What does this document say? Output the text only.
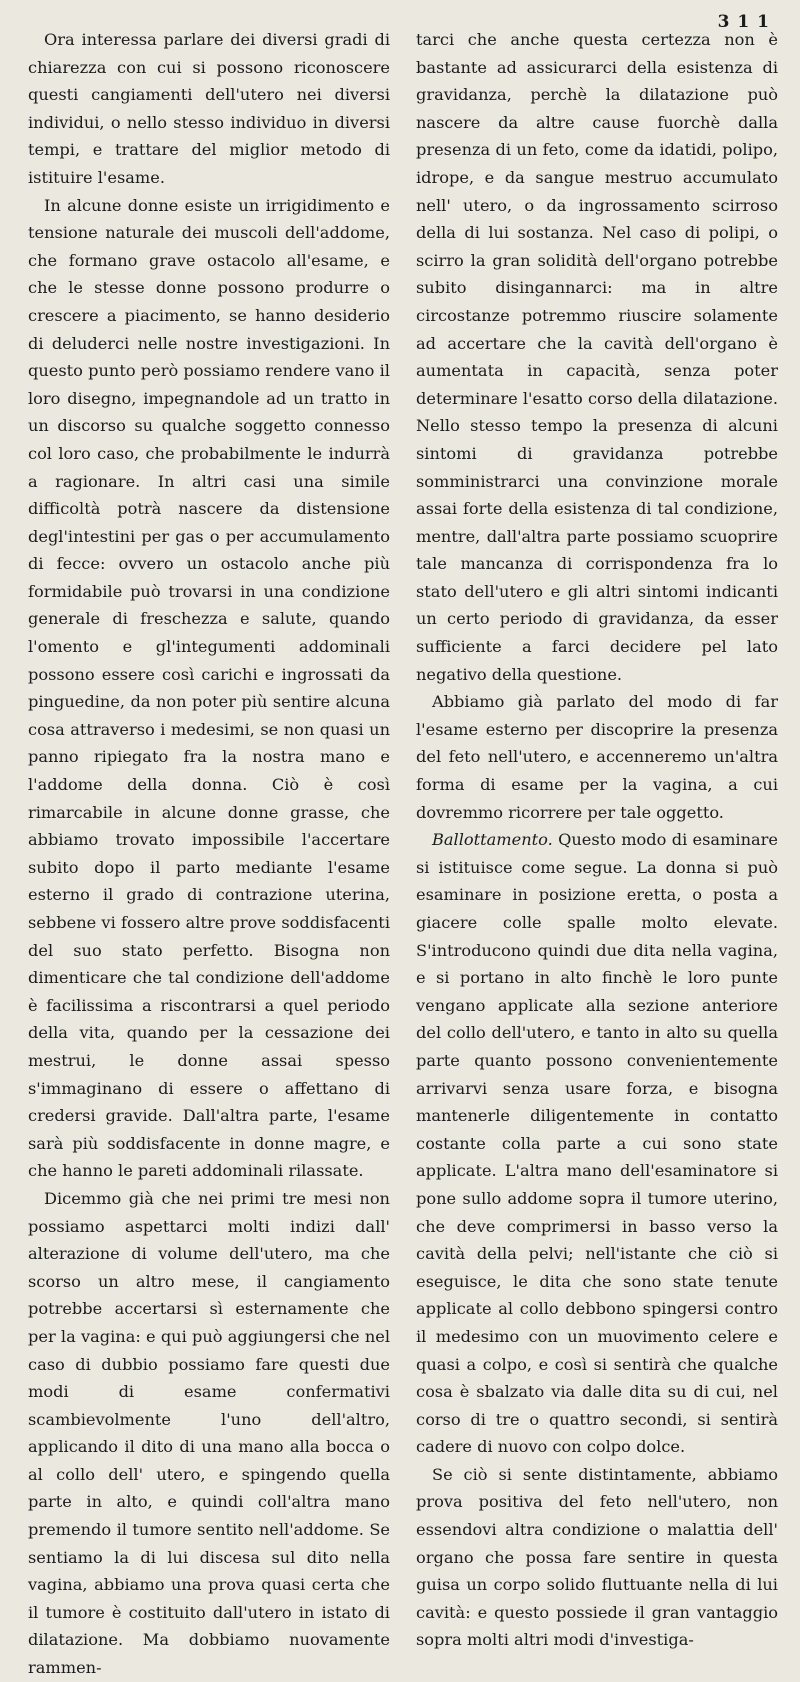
3 1 1

Ora interessa parlare dei diversi gradi di chiarezza con cui si possono riconoscere questi cangiamenti dell'utero nei diversi individui, o nello stesso individuo in diversi tempi, e trattare del miglior metodo di istituire l'esame.

In alcune donne esiste un irrigidimento e tensione naturale dei muscoli dell'addome, che formano grave ostacolo all'esame, e che le stesse donne possono produrre o crescere a piacimento, se hanno desiderio di deluderci nelle nostre investigazioni. In questo punto però possiamo rendere vano il loro disegno, impegnandole ad un tratto in un discorso su qualche soggetto connesso col loro caso, che probabilmente le indurrà a ragionare. In altri casi una simile difficoltà potrà nascere da distensione degl'intestini per gas o per accumulamento di fecce: ovvero un ostacolo anche più formidabile può trovarsi in una condizione generale di freschezza e salute, quando l'omento e gl'integumenti addominali possono essere così carichi e ingrossati da pinguedine, da non poter più sentire alcuna cosa attraverso i medesimi, se non quasi un panno ripiegato fra la nostra mano e l'addome della donna. Ciò è così rimarcabile in alcune donne grasse, che abbiamo trovato impossibile l'accertare subito dopo il parto mediante l'esame esterno il grado di contrazione uterina, sebbene vi fossero altre prove soddisfacenti del suo stato perfetto. Bisogna non dimenticare che tal condizione dell'addome è facilissima a riscontrarsi a quel periodo della vita, quando per la cessazione dei mestrui, le donne assai spesso s'immaginano di essere o affettano di credersi gravide. Dall'altra parte, l'esame sarà più soddisfacente in donne magre, e che hanno le pareti addominali rilassate.

Dicemmo già che nei primi tre mesi non possiamo aspettarci molti indizi dall' alterazione di volume dell'utero, ma che scorso un altro mese, il cangiamento potrebbe accertarsi sì esternamente che per la vagina: e qui può aggiungersi che nel caso di dubbio possiamo fare questi due modi di esame confermativi scambievolmente l'uno dell'altro, applicando il dito di una mano alla bocca o al collo dell' utero, e spingendo quella parte in alto, e quindi coll'altra mano premendo il tumore sentito nell'addome. Se sentiamo la di lui discesa sul dito nella vagina, abbiamo una prova quasi certa che il tumore è costituito dall'utero in istato di dilatazione. Ma dobbiamo nuovamente rammen-

tarci che anche questa certezza non è bastante ad assicurarci della esistenza di gravidanza, perchè la dilatazione può nascere da altre cause fuorchè dalla presenza di un feto, come da idatidi, polipo, idrope, e da sangue mestruo accumulato nell' utero, o da ingrossamento scirroso della di lui sostanza. Nel caso di polipi, o scirro la gran solidità dell'organo potrebbe subito disingannarci: ma in altre circostanze potremmo riuscire solamente ad accertare che la cavità dell'organo è aumentata in capacità, senza poter determinare l'esatto corso della dilatazione. Nello stesso tempo la presenza di alcuni sintomi di gravidanza potrebbe somministrarci una convinzione morale assai forte della esistenza di tal condizione, mentre, dall'altra parte possiamo scuoprire tale mancanza di corrispondenza fra lo stato dell'utero e gli altri sintomi indicanti un certo periodo di gravidanza, da esser sufficiente a farci decidere pel lato negativo della questione.

Abbiamo già parlato del modo di far l'esame esterno per discoprire la presenza del feto nell'utero, e accenneremo un'altra forma di esame per la vagina, a cui dovremmo ricorrere per tale oggetto.

Ballottamento. Questo modo di esaminare si istituisce come segue. La donna si può esaminare in posizione eretta, o posta a giacere colle spalle molto elevate. S'introducono quindi due dita nella vagina, e si portano in alto finchè le loro punte vengano applicate alla sezione anteriore del collo dell'utero, e tanto in alto su quella parte quanto possono convenientemente arrivarvi senza usare forza, e bisogna mantenerle diligentemente in contatto costante colla parte a cui sono state applicate. L'altra mano dell'esaminatore si pone sullo addome sopra il tumore uterino, che deve comprimersi in basso verso la cavità della pelvi; nell'istante che ciò si eseguisce, le dita che sono state tenute applicate al collo debbono spingersi contro il medesimo con un muovimento celere e quasi a colpo, e così si sentirà che qualche cosa è sbalzato via dalle dita su di cui, nel corso di tre o quattro secondi, si sentirà cadere di nuovo con colpo dolce.

Se ciò si sente distintamente, abbiamo prova positiva del feto nell'utero, non essendovi altra condizione o malattia dell' organo che possa fare sentire in questa guisa un corpo solido fluttuante nella di lui cavità: e questo possiede il gran vantaggio sopra molti altri modi d'investiga-
